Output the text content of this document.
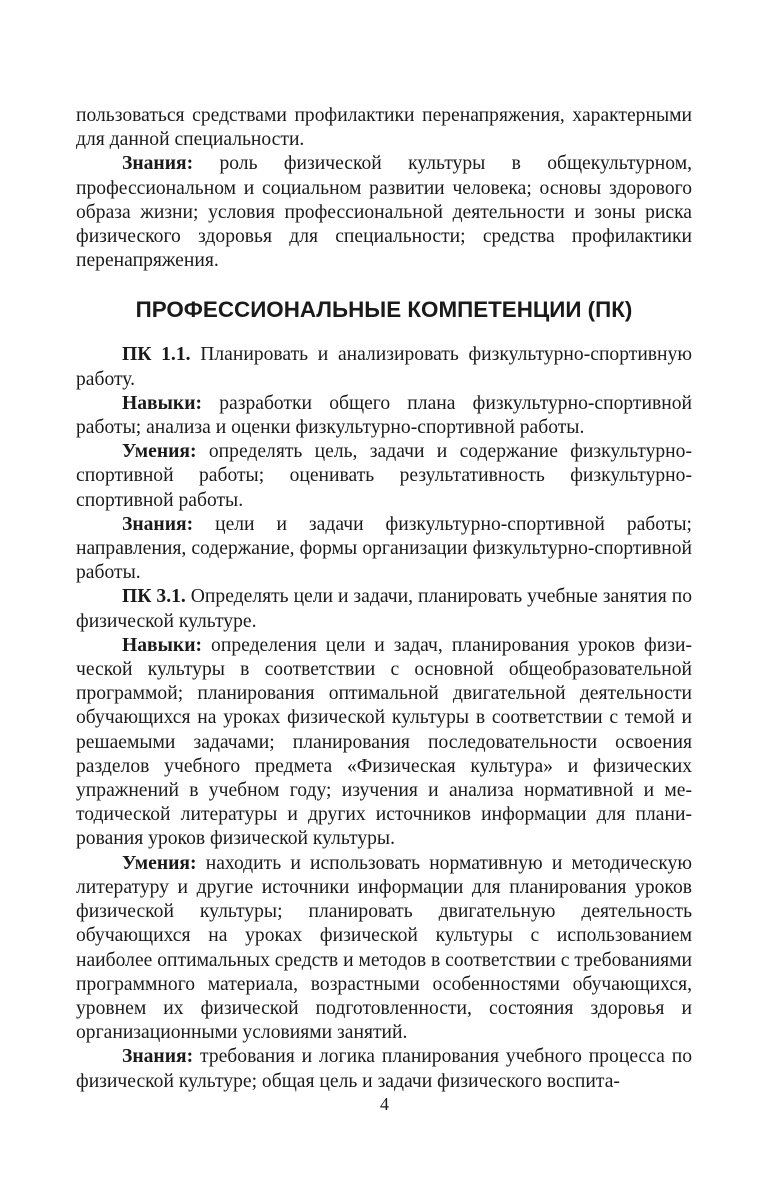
пользоваться средствами профилактики перенапряжения, характерными для данной специальности.

Знания: роль физической культуры в общекультурном, профессиональном и социальном развитии человека; основы здорового образа жизни; условия профессиональной деятельности и зоны риска физического здоровья для специальности; средства профилактики перенапряжения.

ПРОФЕССИОНАЛЬНЫЕ КОМПЕТЕНЦИИ (ПК)

ПК 1.1. Планировать и анализировать физкультурно-спортивную работу.

Навыки: разработки общего плана физкультурно-спортивной работы; анализа и оценки физкультурно-спортивной работы.

Умения: определять цель, задачи и содержание физкультурно-спортивной работы; оценивать результативность физкультурно-спортивной работы.

Знания: цели и задачи физкультурно-спортивной работы; направления, содержание, формы организации физкультурно-спортивной работы.

ПК 3.1. Определять цели и задачи, планировать учебные занятия по физической культуре.

Навыки: определения цели и задач, планирования уроков физической культуры в соответствии с основной общеобразовательной программой; планирования оптимальной двигательной деятельности обучающихся на уроках физической культуры в соответствии с темой и решаемыми задачами; планирования последовательности освоения разделов учебного предмета «Физическая культура» и физических упражнений в учебном году; изучения и анализа нормативной и методической литературы и других источников информации для планирования уроков физической культуры.

Умения: находить и использовать нормативную и методическую литературу и другие источники информации для планирования уроков физической культуры; планировать двигательную деятельность обучающихся на уроках физической культуры с использованием наиболее оптимальных средств и методов в соответствии с требованиями программного материала, возрастными особенностями обучающихся, уровнем их физической подготовленности, состояния здоровья и организационными условиями занятий.

Знания: требования и логика планирования учебного процесса по физической культуре; общая цель и задачи физического воспита-

4
